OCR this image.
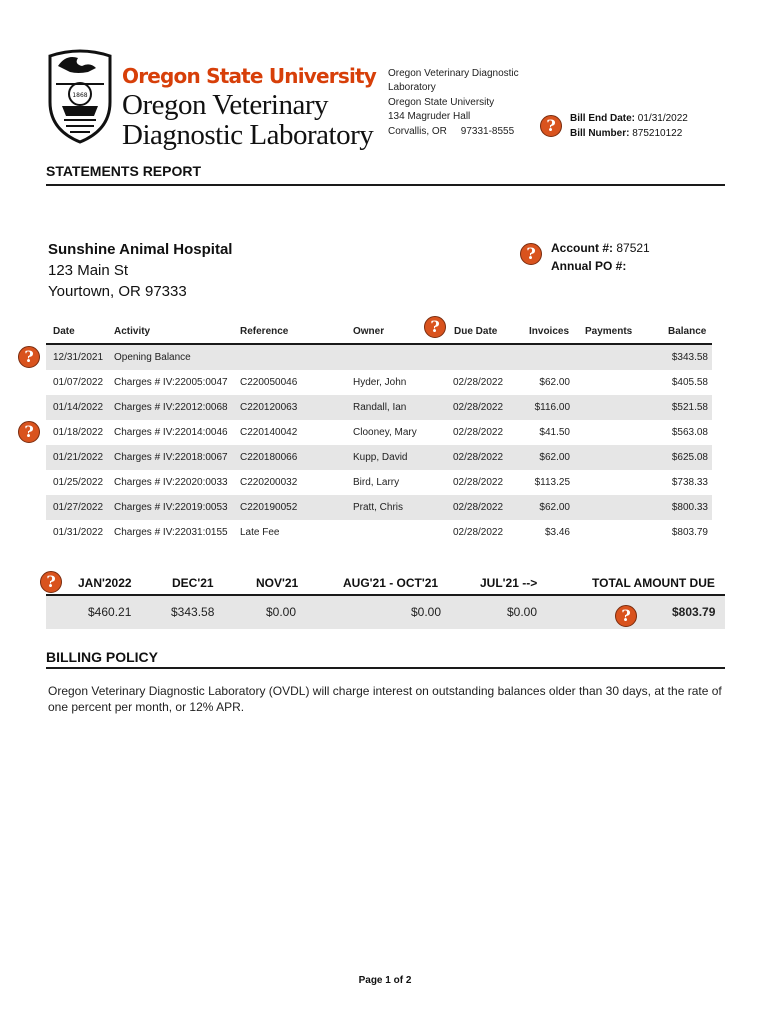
1868
Oregon State University
Oregon Veterinary
Diagnostic Laboratory
Oregon Veterinary Diagnostic
Laboratory
Oregon State University
134 Magruder Hall
Corvallis, OR     97331-8555	? Bill End Date: 01/31/2022
Bill Number: 875210122
STATEMENTS REPORT
Sunshine Animal Hospital
123 Main St
Yourtown, OR 97333
? Account #: 87521
Annual PO #:
Date	Activity	Reference	Owner	? Due Date	Invoices Payments	Balance
?
?
12/31/2021 Opening Balance	$343.58
01/07/2022 Charges # IV:22005:0047 C220050046	Hyder, John	02/28/2022	$62.00	$405.58
01/14/2022 Charges # IV:22012:0068 C220120063	Randall, Ian	02/28/2022	$116.00	$521.58
01/18/2022 Charges # IV:22014:0046 C220140042	Clooney, Mary	02/28/2022	$41.50	$563.08
01/21/2022 Charges # IV:22018:0067 C220180066	Kupp, David	02/28/2022	$62.00	$625.08
01/25/2022 Charges # IV:22020:0033 C220200032	Bird, Larry	02/28/2022	$113.25	$738.33
01/27/2022 Charges # IV:22019:0053 C220190052	Pratt, Chris	02/28/2022	$62.00	$800.33
01/31/2022 Charges # IV:22031:0155 Late Fee	02/28/2022	$3.46	$803.79
? JAN'2022	DEC'21	NOV'21	AUG'21 - OCT'21	JUL'21 -->	TOTAL AMOUNT DUE
$460.21	$343.58	$0.00	$0.00	$0.00	?	$803.79
BILLING POLICY
Oregon Veterinary Diagnostic Laboratory (OVDL) will charge interest on outstanding balances older than 30 days, at the rate of one percent per month, or 12% APR.
Page 1 of 2
